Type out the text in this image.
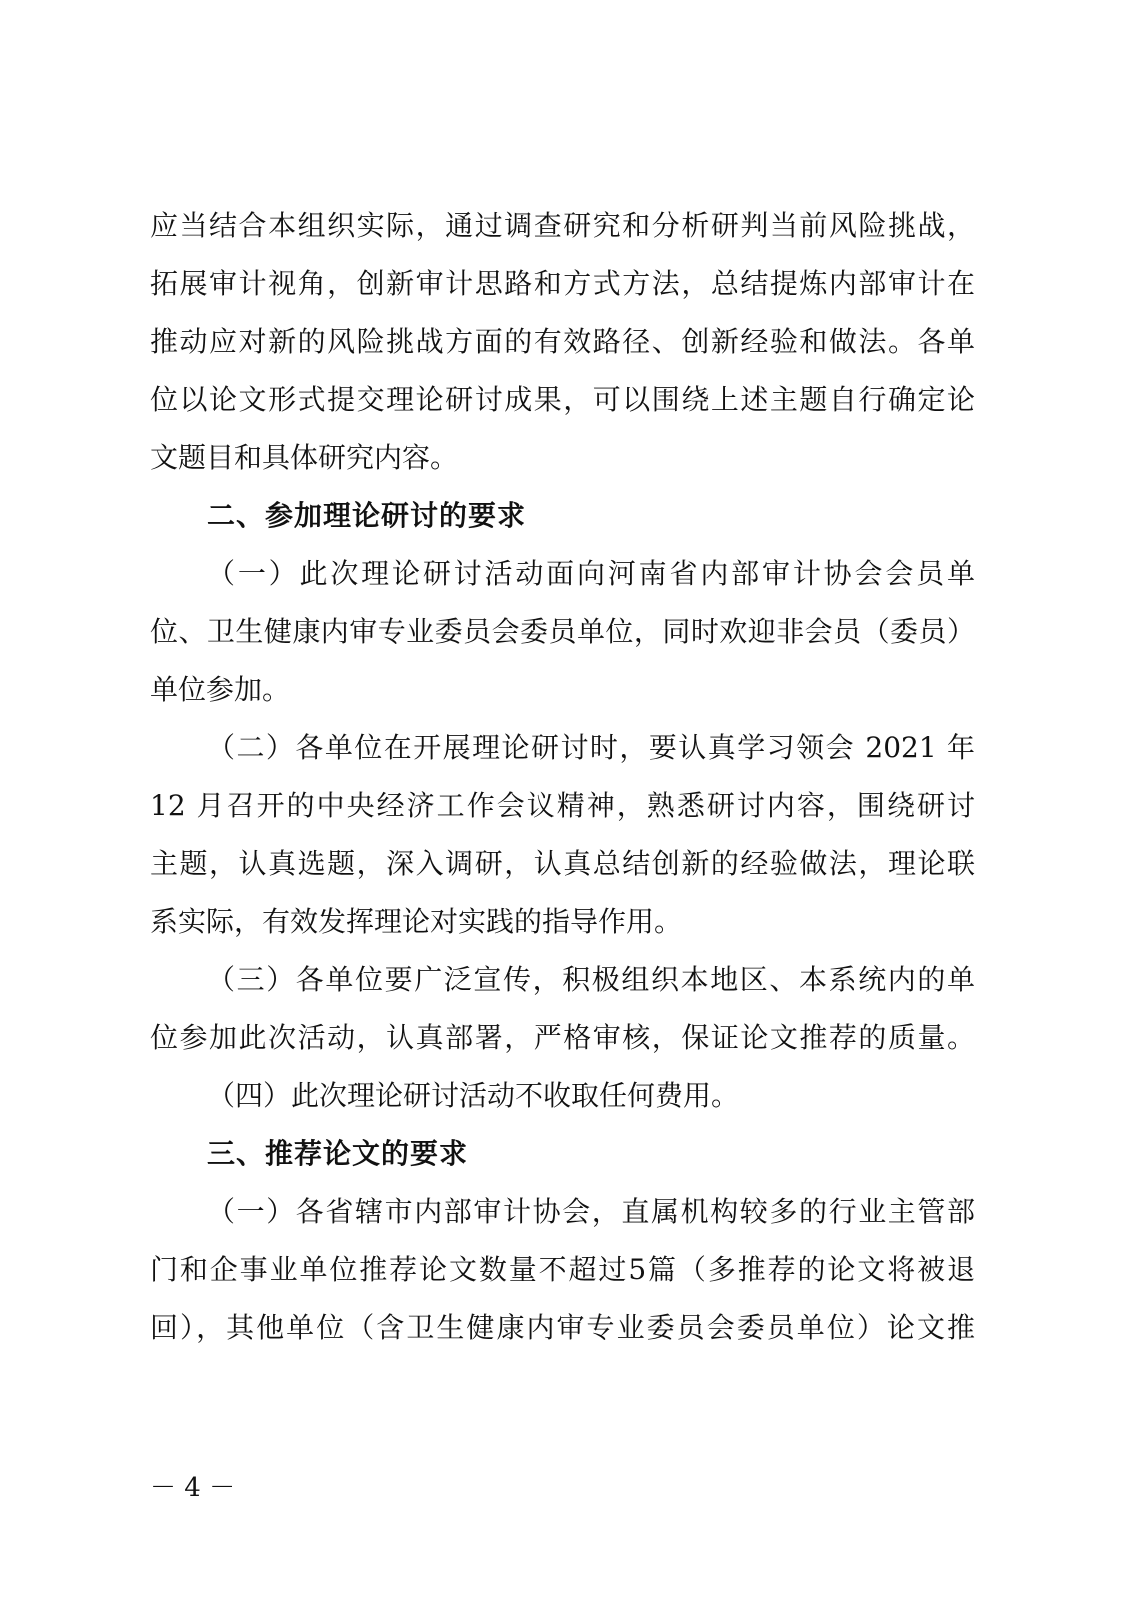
应当结合本组织实际，通过调查研究和分析研判当前风险挑战，
拓展审计视角，创新审计思路和方式方法，总结提炼内部审计在
推动应对新的风险挑战方面的有效路径、创新经验和做法。各单
位以论文形式提交理论研讨成果，可以围绕上述主题自行确定论
文题目和具体研究内容。
二、参加理论研讨的要求
（一）此次理论研讨活动面向河南省内部审计协会会员单
位、卫生健康内审专业委员会委员单位，同时欢迎非会员（委员）
单位参加。
（二）各单位在开展理论研讨时，要认真学习领会 2021 年
12 月召开的中央经济工作会议精神，熟悉研讨内容，围绕研讨
主题，认真选题，深入调研，认真总结创新的经验做法，理论联
系实际，有效发挥理论对实践的指导作用。
（三）各单位要广泛宣传，积极组织本地区、本系统内的单
位参加此次活动，认真部署，严格审核，保证论文推荐的质量。
（四）此次理论研讨活动不收取任何费用。
三、推荐论文的要求
（一）各省辖市内部审计协会，直属机构较多的行业主管部
门和企事业单位推荐论文数量不超过5篇（多推荐的论文将被退
回），其他单位（含卫生健康内审专业委员会委员单位）论文推
－ 4 －
